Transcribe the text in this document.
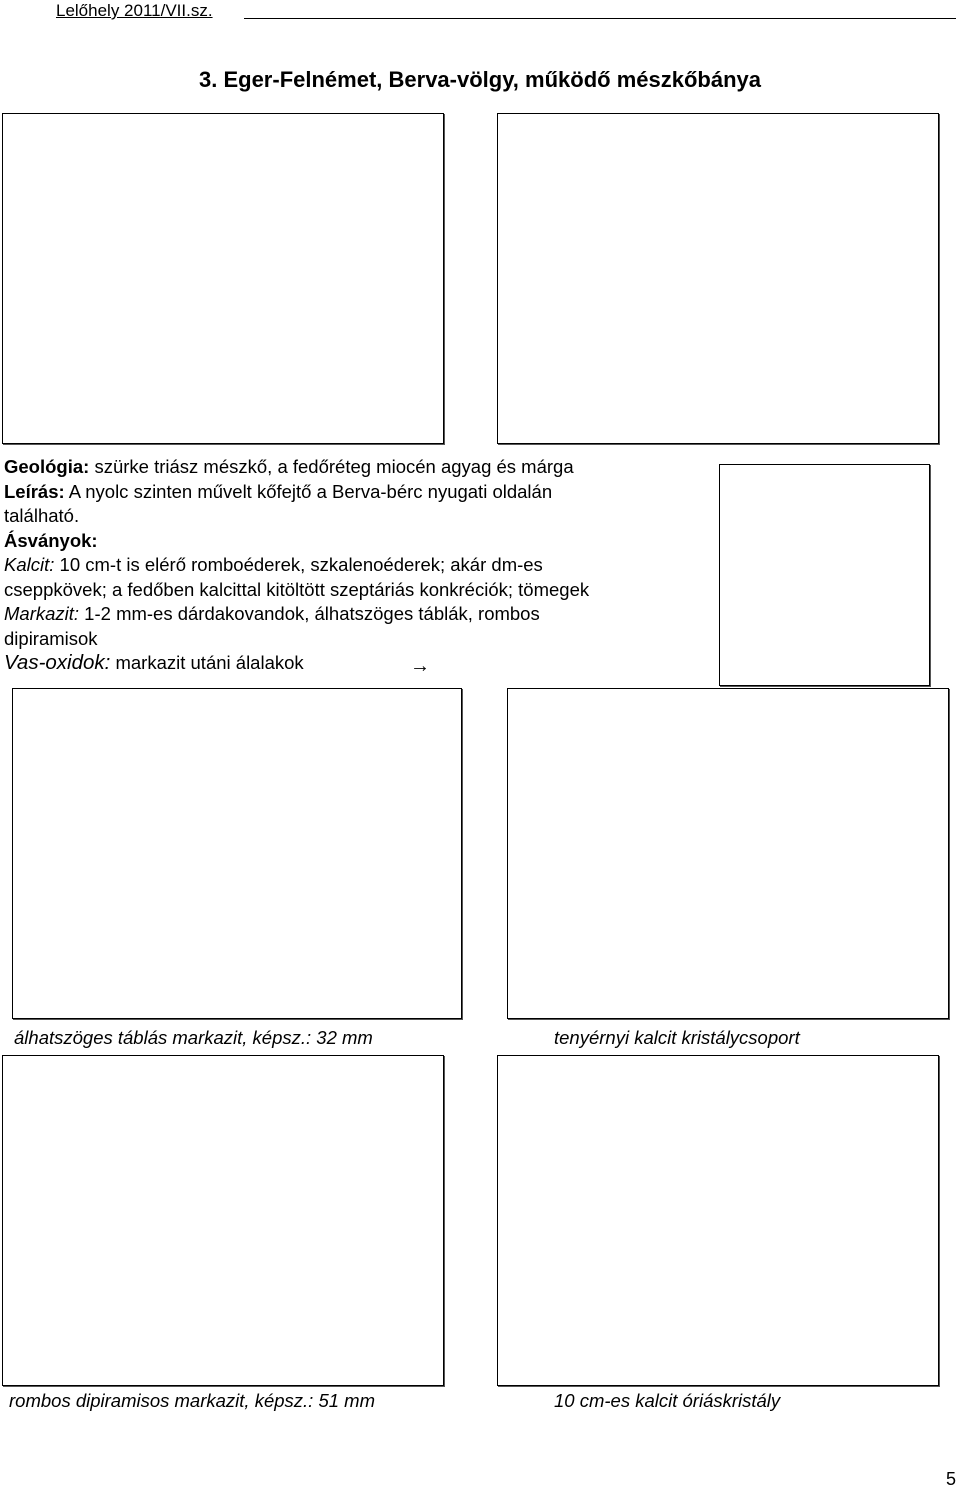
Lelőhely 2011/VII.sz.
3. Eger-Felnémet, Berva-völgy, működő mészkőbánya

Geológia: szürke triász mészkő, a fedőréteg miocén agyag és márga

Leírás: A nyolc szinten művelt kőfejtő a Berva-bérc nyugati oldalán

található.

Ásványok:

Kalcit: 10 cm-t is elérő romboéderek, szkalenoéderek; akár dm-es

cseppkövek; a fedőben kalcittal kitöltött szeptáriás konkréciók; tömegek

Markazit: 1-2 mm-es dárdakovandok, álhatszöges táblák, rombos

dipiramisok

Vas-oxidok: markazit utáni álalakok	→
álhatszöges táblás markazit, képsz.: 32 mm	tenyérnyi kalcit kristálycsoport
rombos dipiramisos markazit, képsz.: 51 mm	10 cm-es kalcit óriáskristály
5
